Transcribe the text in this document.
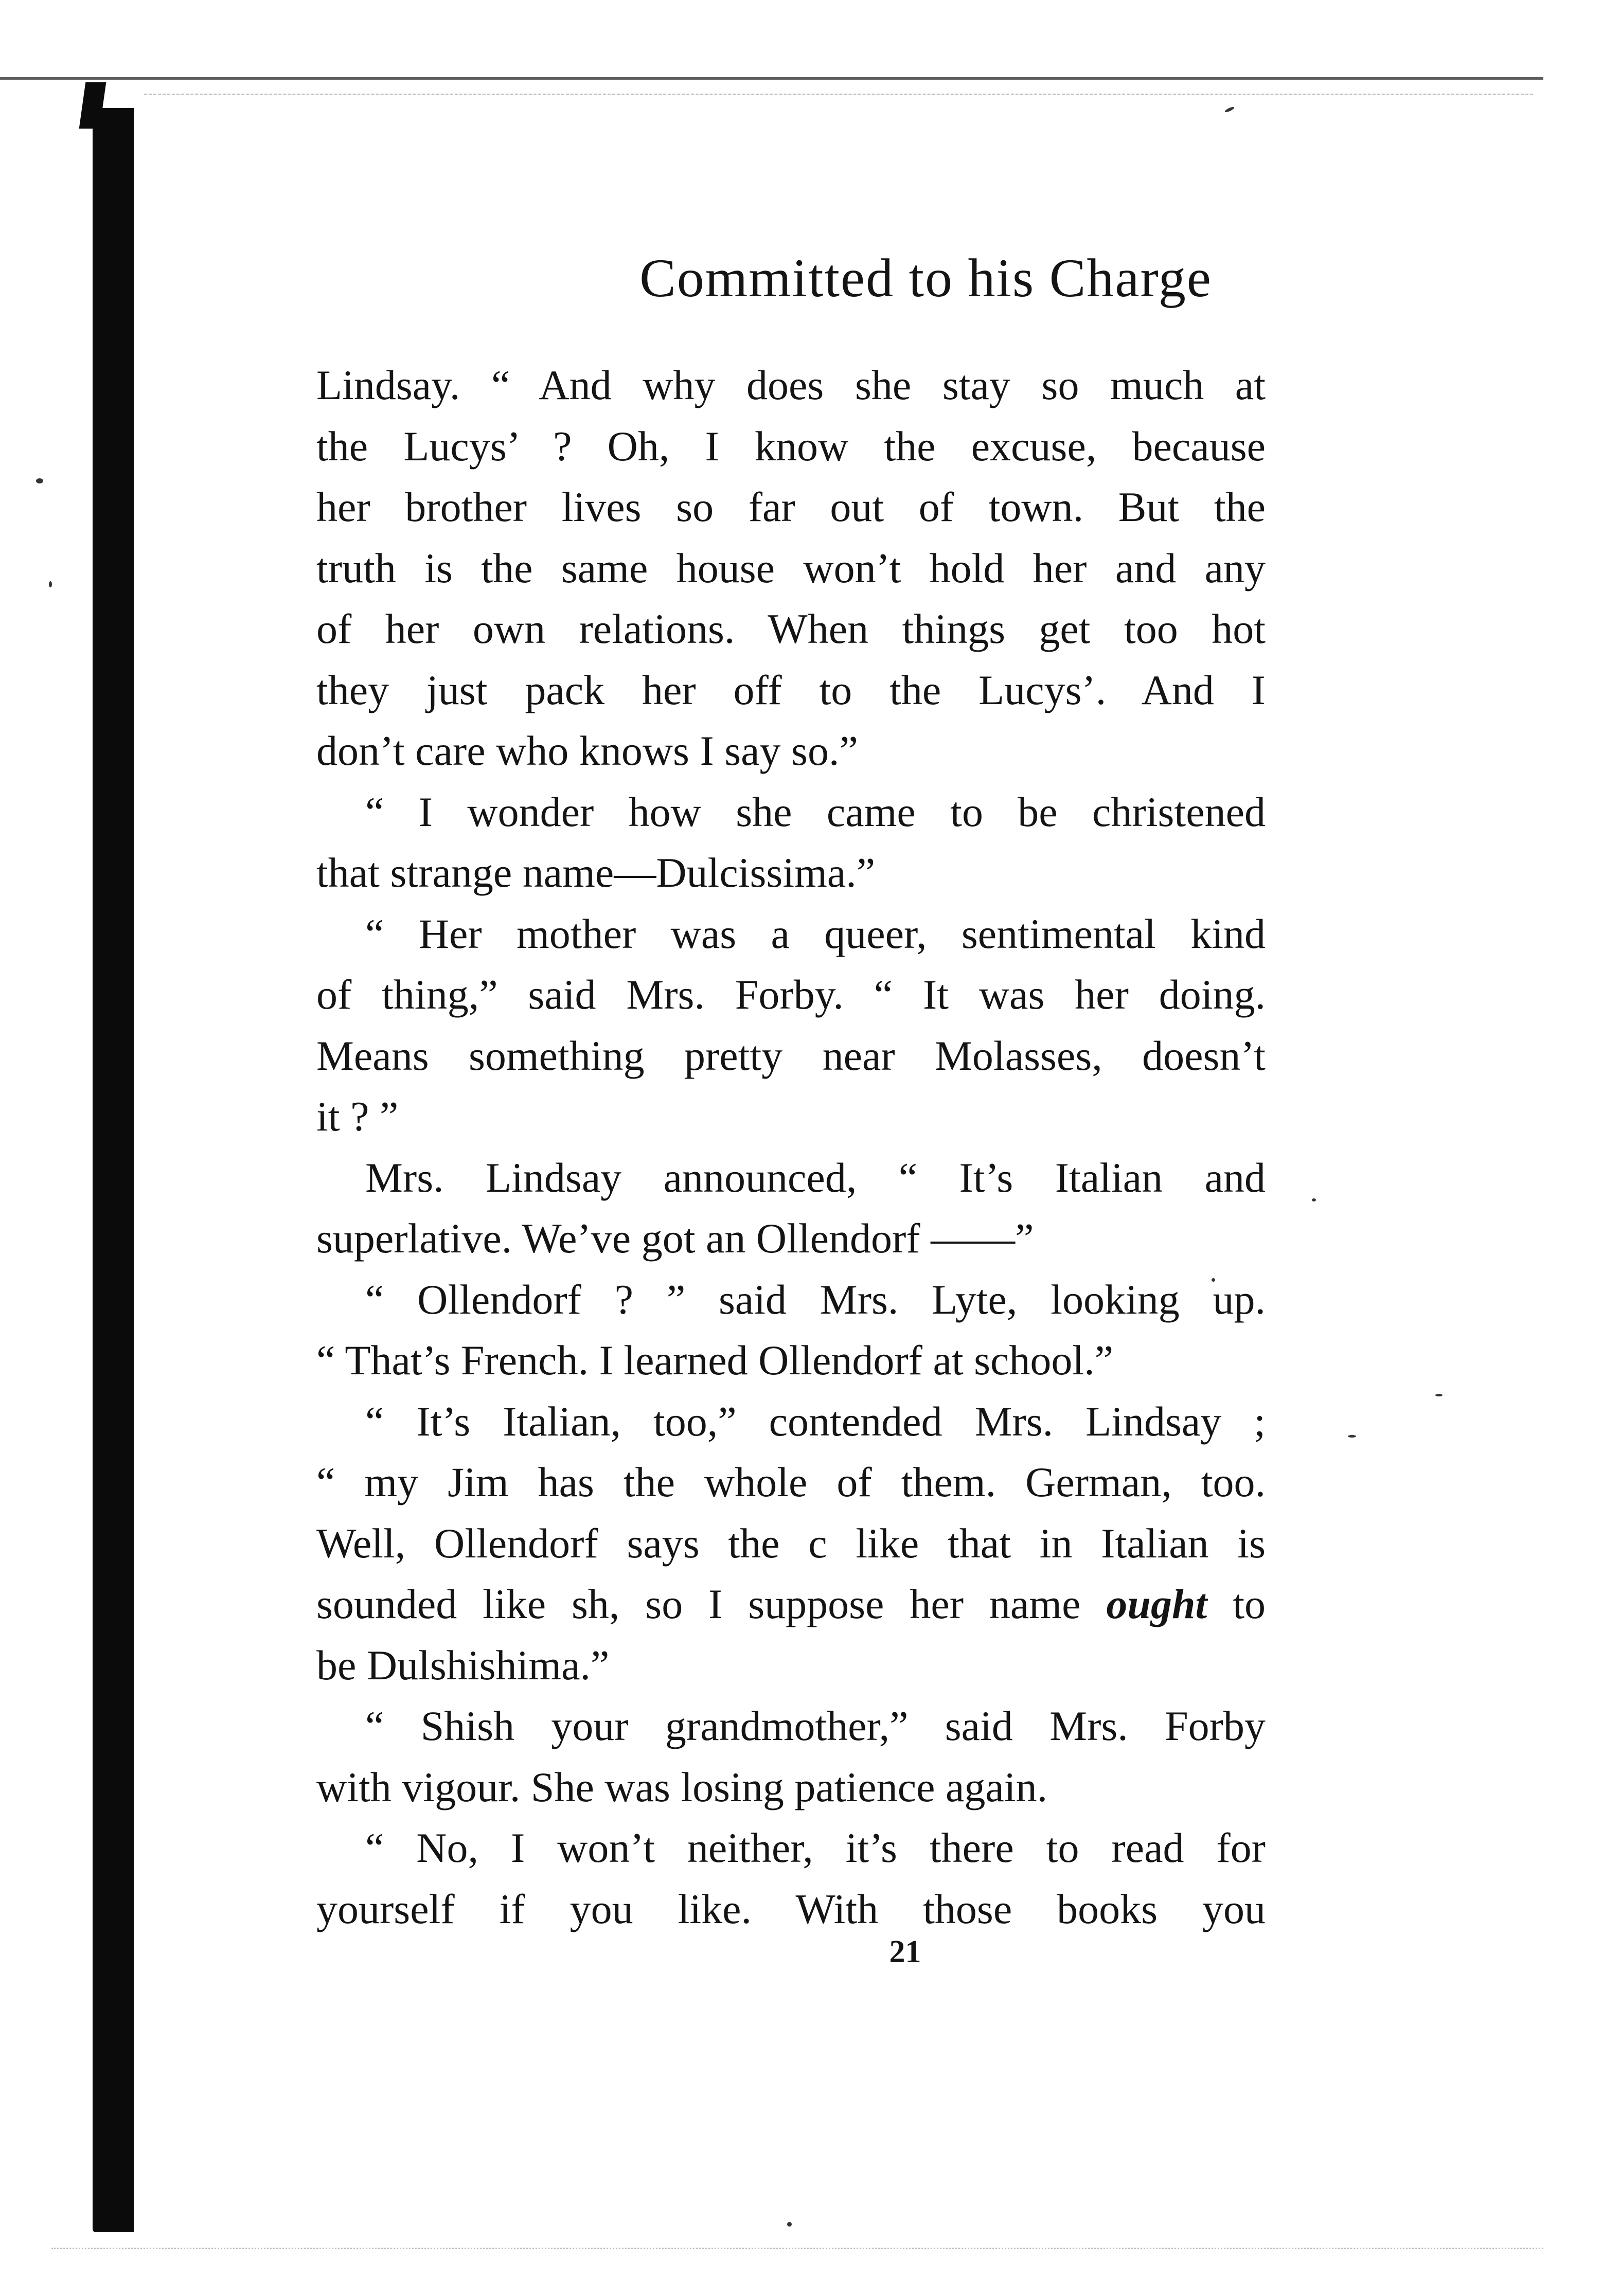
Committed to his Charge
Lindsay. “ And why does she stay so much at
the Lucys’ ? Oh, I know the excuse, because
her brother lives so far out of town. But the
truth is the same house won’t hold her and any
of her own relations. When things get too hot
they just pack her off to the Lucys’. And I
don’t care who knows I say so.”
“ I wonder how she came to be christened
that strange name—Dulcissima.”
“ Her mother was a queer, sentimental kind
of thing,” said Mrs. Forby. “ It was her doing.
Means something pretty near Molasses, doesn’t
it ? ”
Mrs. Lindsay announced, “ It’s Italian and
superlative. We’ve got an Ollendorf ——”
“ Ollendorf ? ” said Mrs. Lyte, looking up.
“ That’s French. I learned Ollendorf at school.”
“ It’s Italian, too,” contended Mrs. Lindsay ;
“ my Jim has the whole of them. German, too.
Well, Ollendorf says the c like that in Italian is
sounded like sh, so I suppose her name ought to
be Dulshishima.”
“ Shish your grandmother,” said Mrs. Forby
with vigour. She was losing patience again.
“ No, I won’t neither, it’s there to read for
yourself if you like. With those books you
21
